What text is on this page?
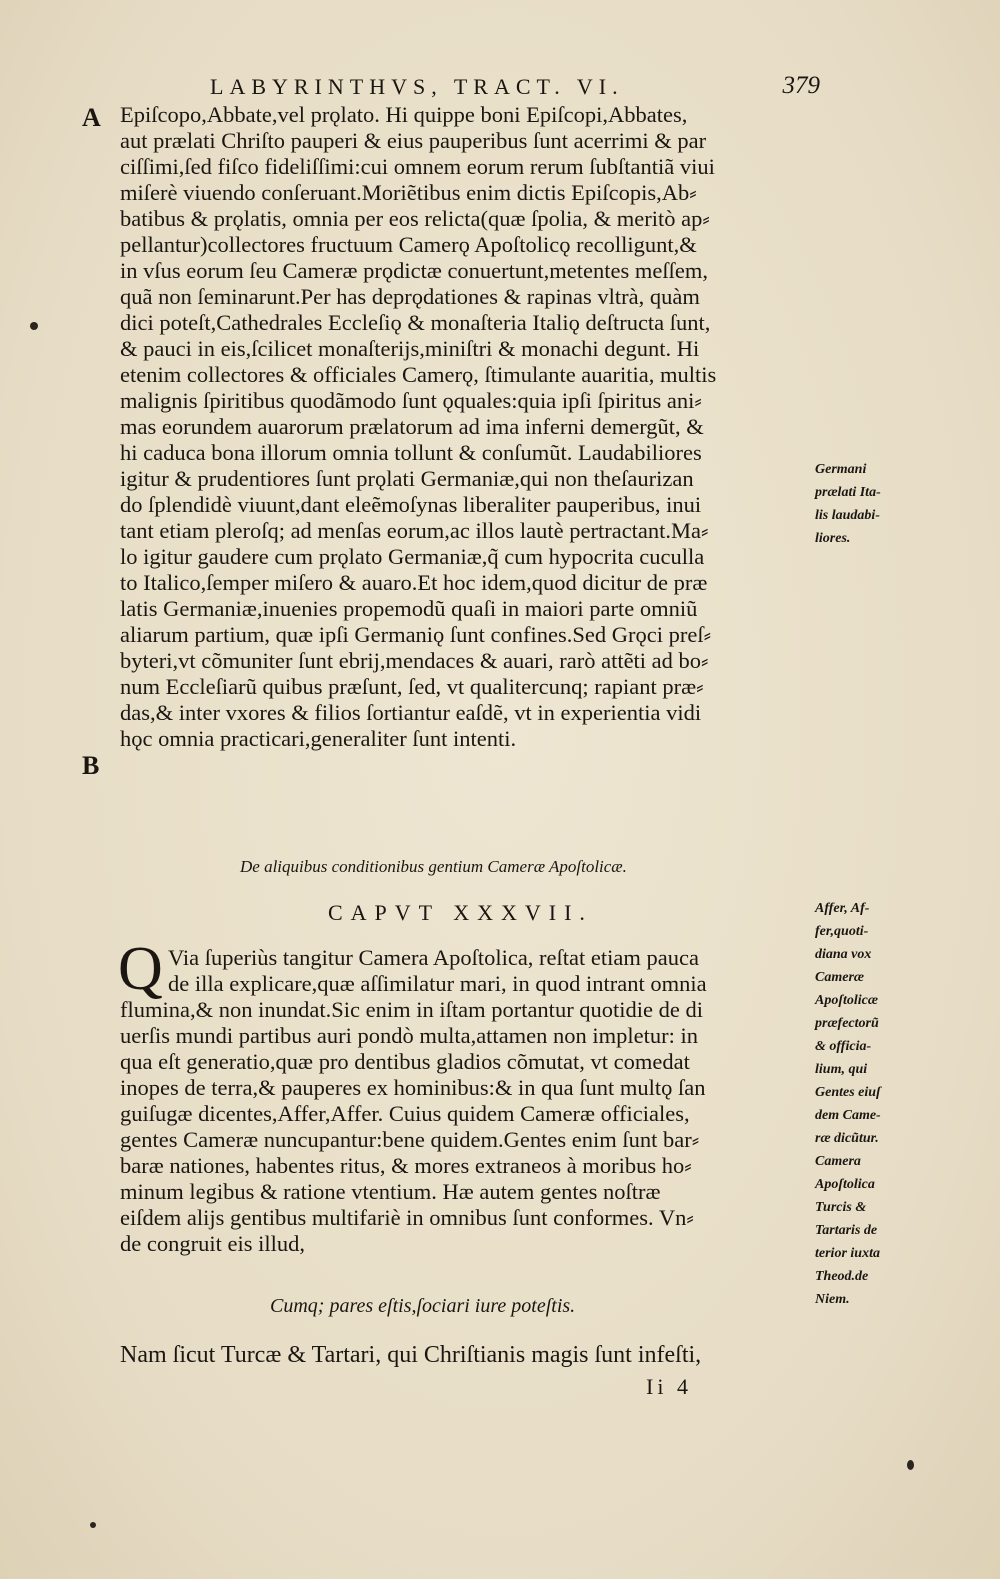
LABYRINTHVS, TRACT. VI.	379
A
B
Epiſcopo,Abbate,vel prǫlato. Hi quippe boni Epiſcopi,Abbates,
aut prælati Chriſto pauperi & eius pauperibus ſunt acerrimi & par
ciſſimi,ſed fiſco fideliſſimi:cui omnem eorum rerum ſubſtantiã viui
miſerè viuendo conſeruant.Moriẽtibus enim dictis Epiſcopis,Ab⸗
batibus & prǫlatis, omnia per eos relicta(quæ ſpolia, & meritò ap⸗
pellantur)collectores fructuum Camerǫ Apoſtolicǫ recolligunt,&
in vſus eorum ſeu Cameræ prǫdictæ conuertunt,metentes meſſem,
quã non ſeminarunt.Per has deprǫdationes & rapinas vltrà, quàm
dici poteſt,Cathedrales Eccleſiǫ & monaſteria Italiǫ deſtructa ſunt,
& pauci in eis,ſcilicet monaſterijs,miniſtri & monachi degunt. Hi
etenim collectores & officiales Camerǫ, ſtimulante auaritia, multis
malignis ſpiritibus quodãmodo ſunt ǫquales:quia ipſi ſpiritus ani⸗
mas eorundem auarorum prælatorum ad ima inferni demergũt, &
hi caduca bona illorum omnia tollunt & conſumũt. Laudabiliores
igitur & prudentiores ſunt prǫlati Germaniæ,qui non theſaurizan
do ſplendidè viuunt,dant eleẽmoſynas liberaliter pauperibus, inui
tant etiam pleroſq; ad menſas eorum,ac illos lautè pertractant.Ma⸗
lo igitur gaudere cum prǫlato Germaniæ,q̃ cum hypocrita cuculla
to Italico,ſemper miſero & auaro.Et hoc idem,quod dicitur de præ
latis Germaniæ,inuenies propemodũ quaſi in maiori parte omniũ
aliarum partium, quæ ipſi Germaniǫ ſunt confines.Sed Grǫci preſ⸗
byteri,vt cõmuniter ſunt ebrij,mendaces & auari, rarò attẽti ad bo⸗
num Eccleſiarũ quibus præſunt, ſed, vt qualitercunq; rapiant præ⸗
das,& inter vxores & filios ſortiantur eaſdẽ, vt in experientia vidi
hǫc omnia practicari,generaliter ſunt intenti.
Germani
prælati Ita-
lis laudabi-
liores.
De aliquibus conditionibus gentium Cameræ Apoſtolicæ.
CAPVT XXXVII.
Q Via ſuperiùs tangitur Camera Apoſtolica, reſtat etiam pauca
de illa explicare,quæ aſſimilatur mari, in quod intrant omnia
flumina,& non inundat.Sic enim in iſtam portantur quotidie de di
uerſis mundi partibus auri pondò multa,attamen non impletur: in
qua eſt generatio,quæ pro dentibus gladios cõmutat, vt comedat
inopes de terra,& pauperes ex hominibus:& in qua ſunt multǫ ſan
guiſugæ dicentes,Affer,Affer. Cuius quidem Cameræ officiales,
gentes Cameræ nuncupantur:bene quidem.Gentes enim ſunt bar⸗
baræ nationes, habentes ritus, & mores extraneos à moribus ho⸗
minum legibus & ratione vtentium. Hæ autem gentes noſtræ
eiſdem alijs gentibus multifariè in omnibus ſunt conformes. Vn⸗
de congruit eis illud,
Affer, Af-
fer,quoti-
diana vox
Cameræ
Apoſtolicæ
præfectorũ
& officia-
lium, qui
Gentes eiuſ
dem Came-
ræ dicũtur.
Camera
Apoſtolica
Turcis &
Tartaris de
terior iuxta
Theod.de
Niem.
Cumq; pares eſtis,ſociari iure poteſtis.
Nam ſicut Turcæ & Tartari, qui Chriſtianis magis ſunt infeſti,
Ii 4
